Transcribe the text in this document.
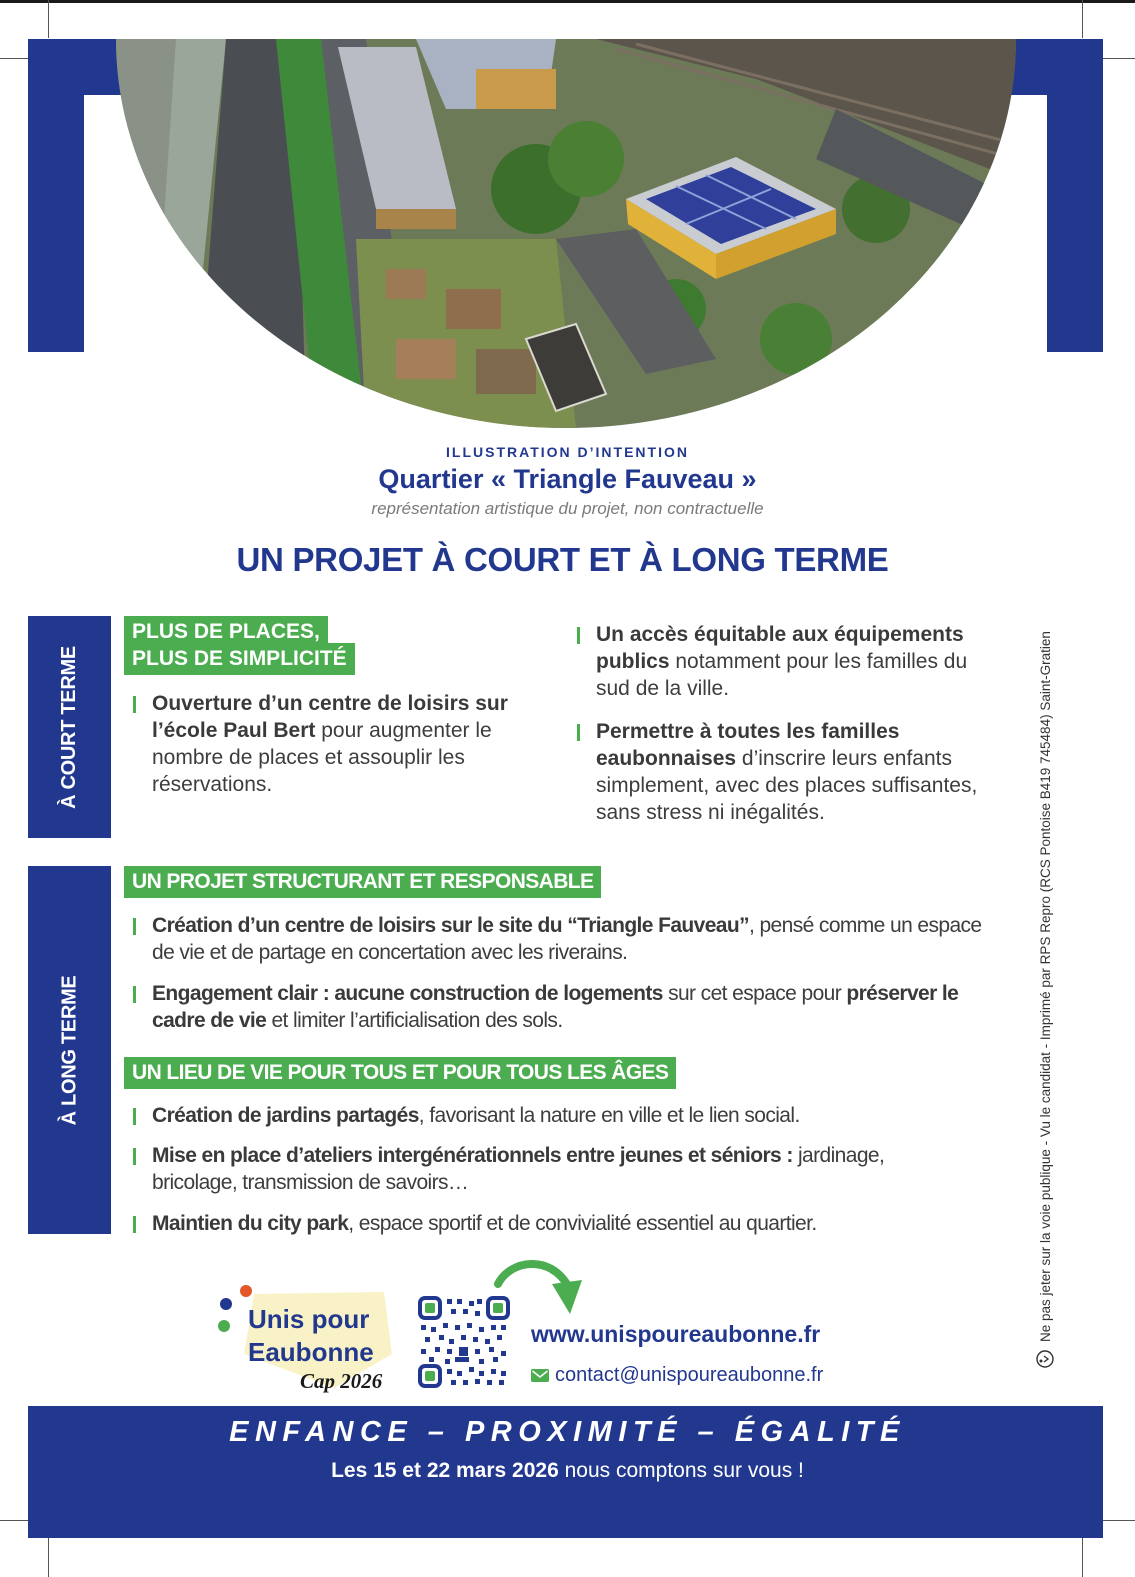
ILLUSTRATION D’INTENTION
Quartier « Triangle Fauveau »
représentation artistique du projet, non contractuelle
UN PROJET À COURT ET À LONG TERME
À COURT TERME
PLUS DE PLACES,
PLUS DE SIMPLICITÉ
Ouverture d’un centre de loisirs sur l’école Paul Bert pour augmenter le nombre de places et assouplir les réservations.
Un accès équitable aux équipements publics notamment pour les familles du sud de la ville.
Permettre à toutes les familles eaubonnaises d’inscrire leurs enfants simplement, avec des places suffisantes, sans stress ni inégalités.
À LONG TERME
UN PROJET STRUCTURANT ET RESPONSABLE
Création d’un centre de loisirs sur le site du “Triangle Fauveau”, pensé comme un espace de vie et de partage en concertation avec les riverains.
Engagement clair : aucune construction de logements sur cet espace pour préserver le cadre de vie et limiter l’artificialisation des sols.
UN LIEU DE VIE POUR TOUS ET POUR TOUS LES ÂGES
Création de jardins partagés, favorisant la nature en ville et le lien social.
Mise en place d’ateliers intergénérationnels entre jeunes et séniors : jardinage, bricolage, transmission de savoirs…
Maintien du city park, espace sportif et de convivialité essentiel au quartier.	Ne pas jeter sur la voie publique - Vu le candidat - Imprimé par RPS Repro (RCS Pontoise B419 745484) Saint-Gratien
Unis pour
Eaubonne
Cap 2026
www.unispoureaubonne.fr
contact@unispoureaubonne.fr
ENFANCE – PROXIMITÉ – ÉGALITÉ
Les 15 et 22 mars 2026 nous comptons sur vous !
